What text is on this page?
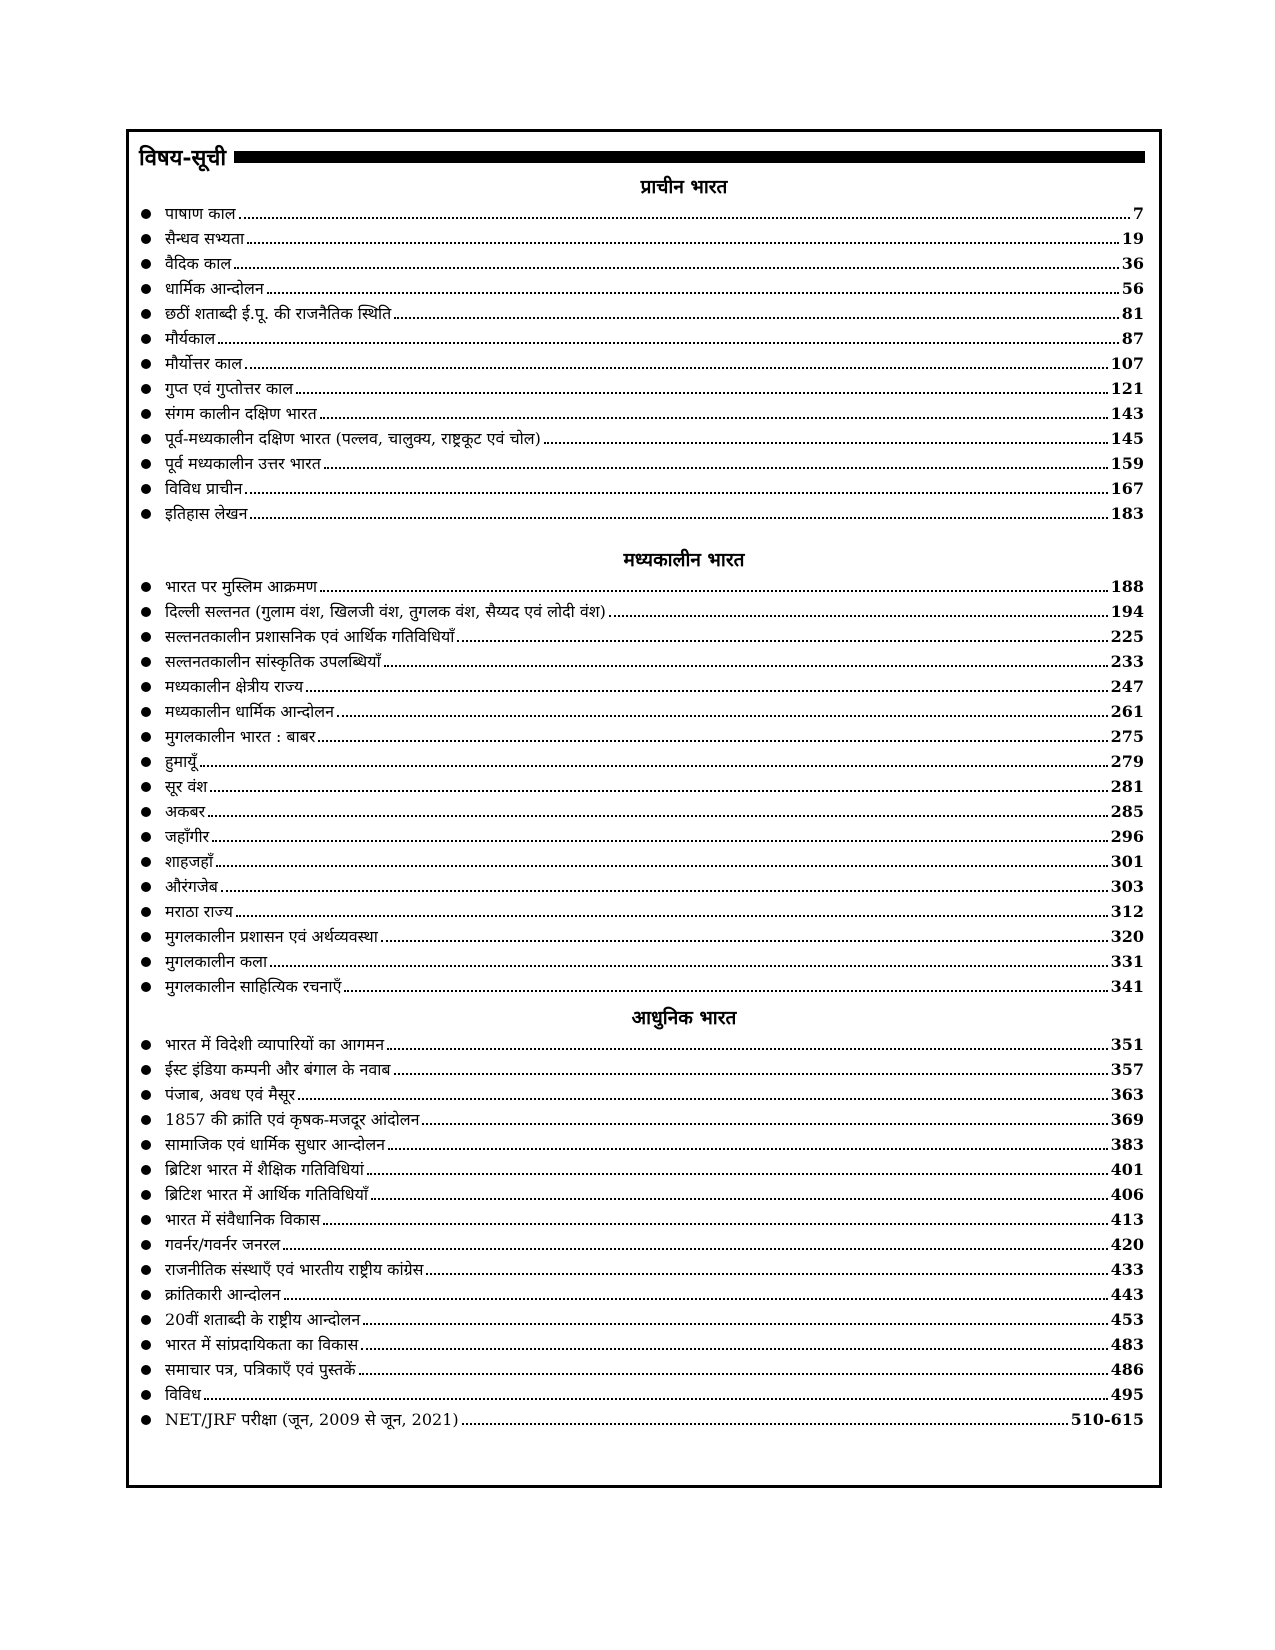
विषय-सूची
प्राचीन भारत
पाषाण काल	7
सैन्धव सभ्यता	19
वैदिक काल	36
धार्मिक आन्दोलन	56
छठीं शताब्दी ई.पू. की राजनैतिक स्थिति	81
मौर्यकाल	87
मौर्योत्तर काल	107
गुप्त एवं गुप्तोत्तर काल	121
संगम कालीन दक्षिण भारत	143
पूर्व-मध्यकालीन दक्षिण भारत (पल्लव, चालुक्य, राष्ट्रकूट एवं चोल)	145
पूर्व मध्यकालीन उत्तर भारत	159
विविध प्राचीन	167
इतिहास लेखन	183
मध्यकालीन भारत
भारत पर मुस्लिम आक्रमण	188
दिल्ली सल्तनत (गुलाम वंश, खिलजी वंश, तुगलक वंश, सैय्यद एवं लोदी वंश)	194
सल्तनतकालीन प्रशासनिक एवं आर्थिक गतिविधियाँ	225
सल्तनतकालीन सांस्कृतिक उपलब्धियाँ	233
मध्यकालीन क्षेत्रीय राज्य	247
मध्यकालीन धार्मिक आन्दोलन	261
मुगलकालीन भारत : बाबर	275
हुमायूँ	279
सूर वंश	281
अकबर	285
जहाँगीर	296
शाहजहाँ	301
औरंगजेब	303
मराठा राज्य	312
मुगलकालीन प्रशासन एवं अर्थव्यवस्था	320
मुगलकालीन कला	331
मुगलकालीन साहित्यिक रचनाएँ	341
आधुनिक भारत
भारत में विदेशी व्यापारियों का आगमन	351
ईस्ट इंडिया कम्पनी और बंगाल के नवाब	357
पंजाब, अवध एवं मैसूर	363
1857 की क्रांति एवं कृषक-मजदूर आंदोलन	369
सामाजिक एवं धार्मिक सुधार आन्दोलन	383
ब्रिटिश भारत में शैक्षिक गतिविधियां	401
ब्रिटिश भारत में आर्थिक गतिविधियाँ	406
भारत में संवैधानिक विकास	413
गवर्नर/गवर्नर जनरल	420
राजनीतिक संस्थाएँ एवं भारतीय राष्ट्रीय कांग्रेस	433
क्रांतिकारी आन्दोलन	443
20वीं शताब्दी के राष्ट्रीय आन्दोलन	453
भारत में सांप्रदायिकता का विकास	483
समाचार पत्र, पत्रिकाएँ एवं पुस्तकें	486
विविध	495
NET/JRF परीक्षा (जून, 2009 से जून, 2021)	510-615
